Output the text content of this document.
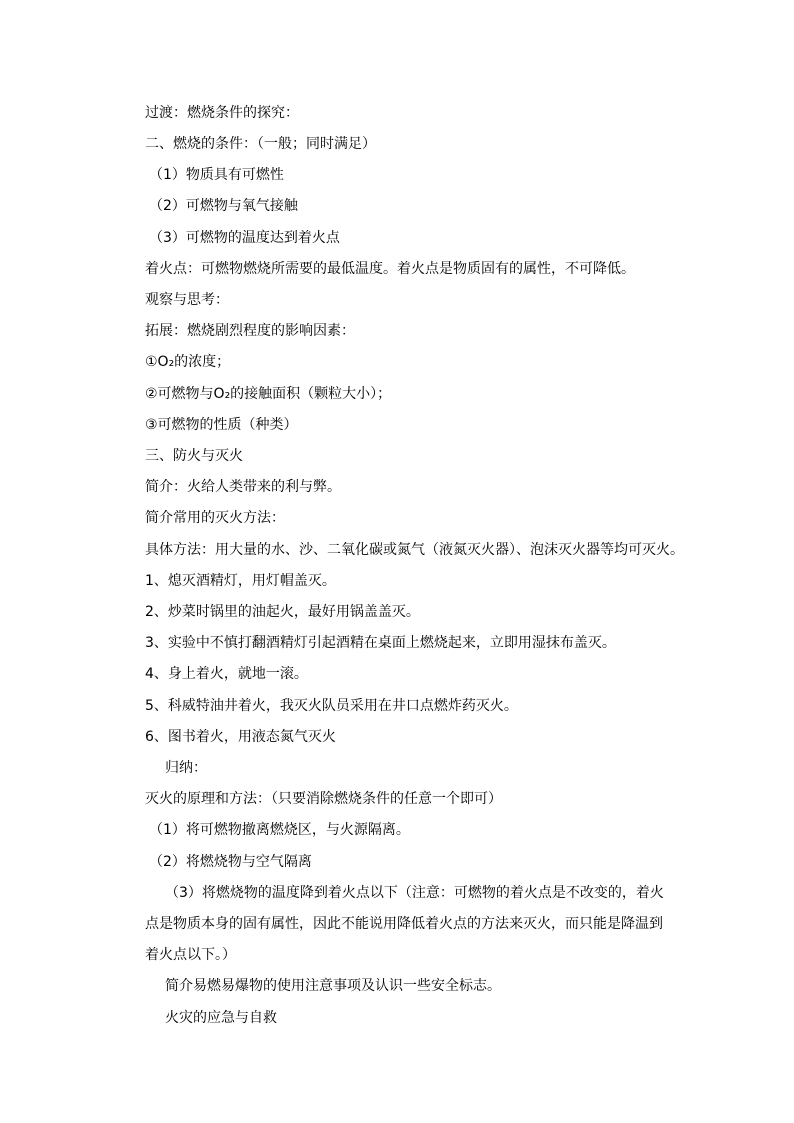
过渡：燃烧条件的探究：
二、燃烧的条件：（一般；同时满足）
（1）物质具有可燃性
（2）可燃物与氧气接触
（3）可燃物的温度达到着火点
着火点：可燃物燃烧所需要的最低温度。着火点是物质固有的属性，不可降低。
观察与思考：
拓展：燃烧剧烈程度的影响因素：
①O₂的浓度；
②可燃物与O₂的接触面积（颗粒大小）；
③可燃物的性质（种类）
三、防火与灭火
简介：火给人类带来的利与弊。
简介常用的灭火方法：
具体方法：用大量的水、沙、二氧化碳或氮气（液氮灭火器）、泡沫灭火器等均可灭火。
1、熄灭酒精灯，用灯帽盖灭。
2、炒菜时锅里的油起火，最好用锅盖盖灭。
3、实验中不慎打翻酒精灯引起酒精在桌面上燃烧起来，立即用湿抹布盖灭。
4、身上着火，就地一滚。
5、科威特油井着火，我灭火队员采用在井口点燃炸药灭火。
6、图书着火，用液态氮气灭火
归纳：
灭火的原理和方法：（只要消除燃烧条件的任意一个即可）
（1）将可燃物撤离燃烧区，与火源隔离。
（2）将燃烧物与空气隔离
（3）将燃烧物的温度降到着火点以下（注意：可燃物的着火点是不改变的，着火点是物质本身的固有属性，因此不能说用降低着火点的方法来灭火，而只能是降温到着火点以下。）
简介易燃易爆物的使用注意事项及认识一些安全标志。
火灾的应急与自救
